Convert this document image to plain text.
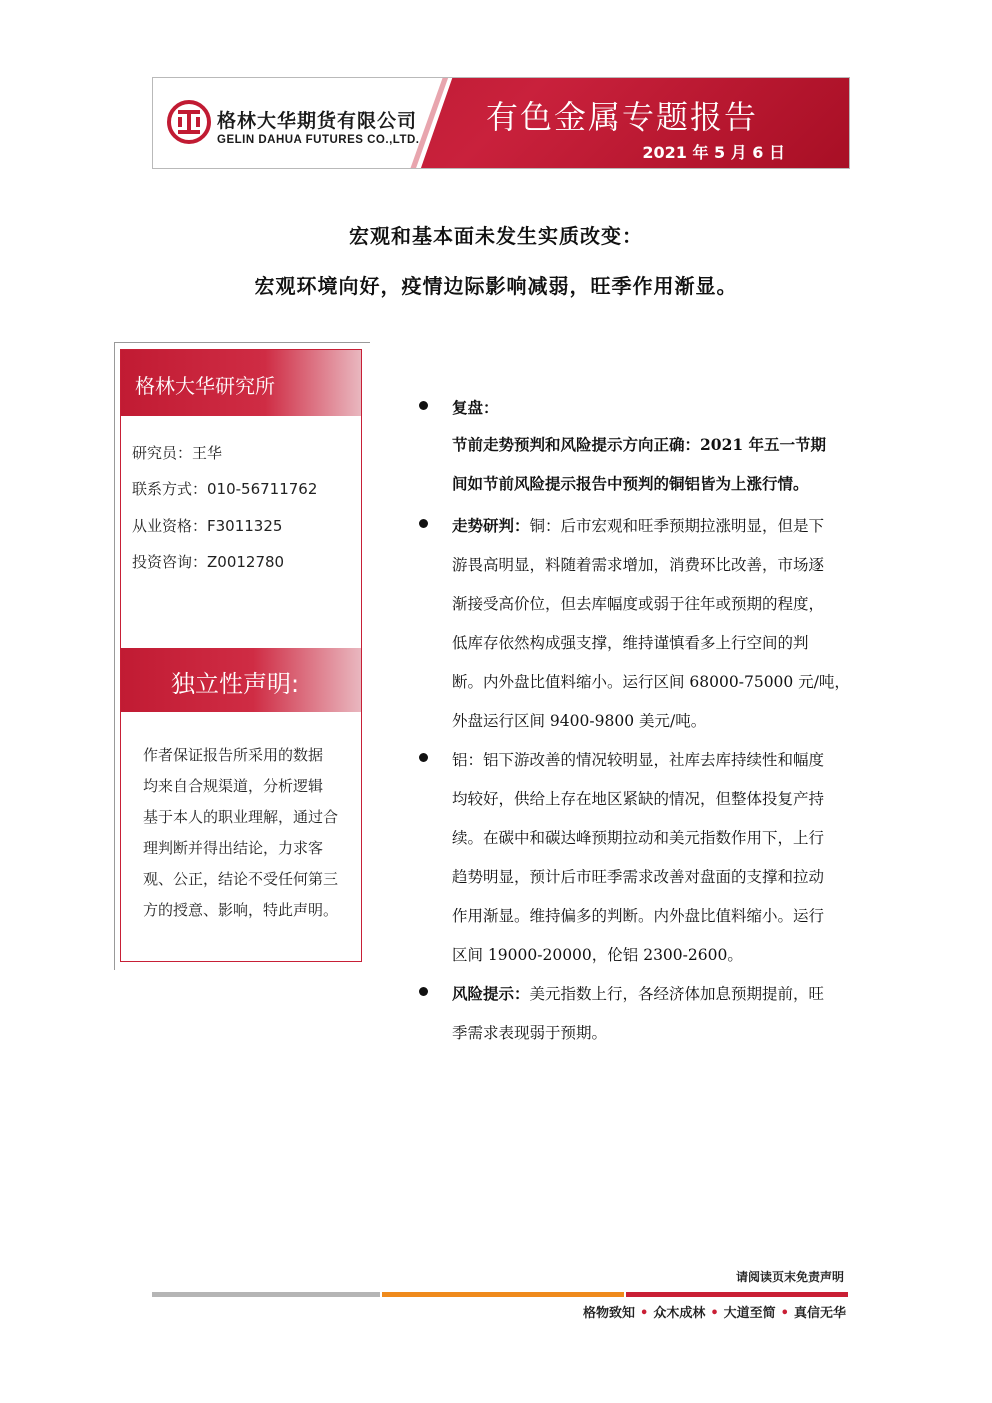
格林大华期货有限公司
GELIN DAHUA FUTURES CO.,LTD.
有色金属专题报告
2021 年 5 月 6 日
宏观和基本面未发生实质改变：
宏观环境向好，疫情边际影响减弱，旺季作用渐显。
格林大华研究所
研究员：王华
联系方式：010-56711762
从业资格：F3011325
投资咨询：Z0012780
独立性声明:
作者保证报告所采用的数据
均来自合规渠道，分析逻辑
基于本人的职业理解，通过合
理判断并得出结论，力求客
观、公正，结论不受任何第三
方的授意、影响，特此声明。
复盘：
节前走势预判和风险提示方向正确：2021 年五一节期
间如节前风险提示报告中预判的铜铝皆为上涨行情。
走势研判：铜：后市宏观和旺季预期拉涨明显，但是下
游畏高明显，料随着需求增加，消费环比改善，市场逐
渐接受高价位，但去库幅度或弱于往年或预期的程度，
低库存依然构成强支撑，维持谨慎看多上行空间的判
断。内外盘比值料缩小。运行区间 68000-75000 元/吨，
外盘运行区间 9400-9800 美元/吨。
铝：铝下游改善的情况较明显，社库去库持续性和幅度
均较好，供给上存在地区紧缺的情况，但整体投复产持
续。在碳中和碳达峰预期拉动和美元指数作用下，上行
趋势明显，预计后市旺季需求改善对盘面的支撑和拉动
作用渐显。维持偏多的判断。内外盘比值料缩小。运行
区间 19000-20000，伦铝 2300-2600。
风险提示：美元指数上行，各经济体加息预期提前，旺
季需求表现弱于预期。
请阅读页末免责声明
格物致知 • 众木成林 • 大道至简 • 真信无华
